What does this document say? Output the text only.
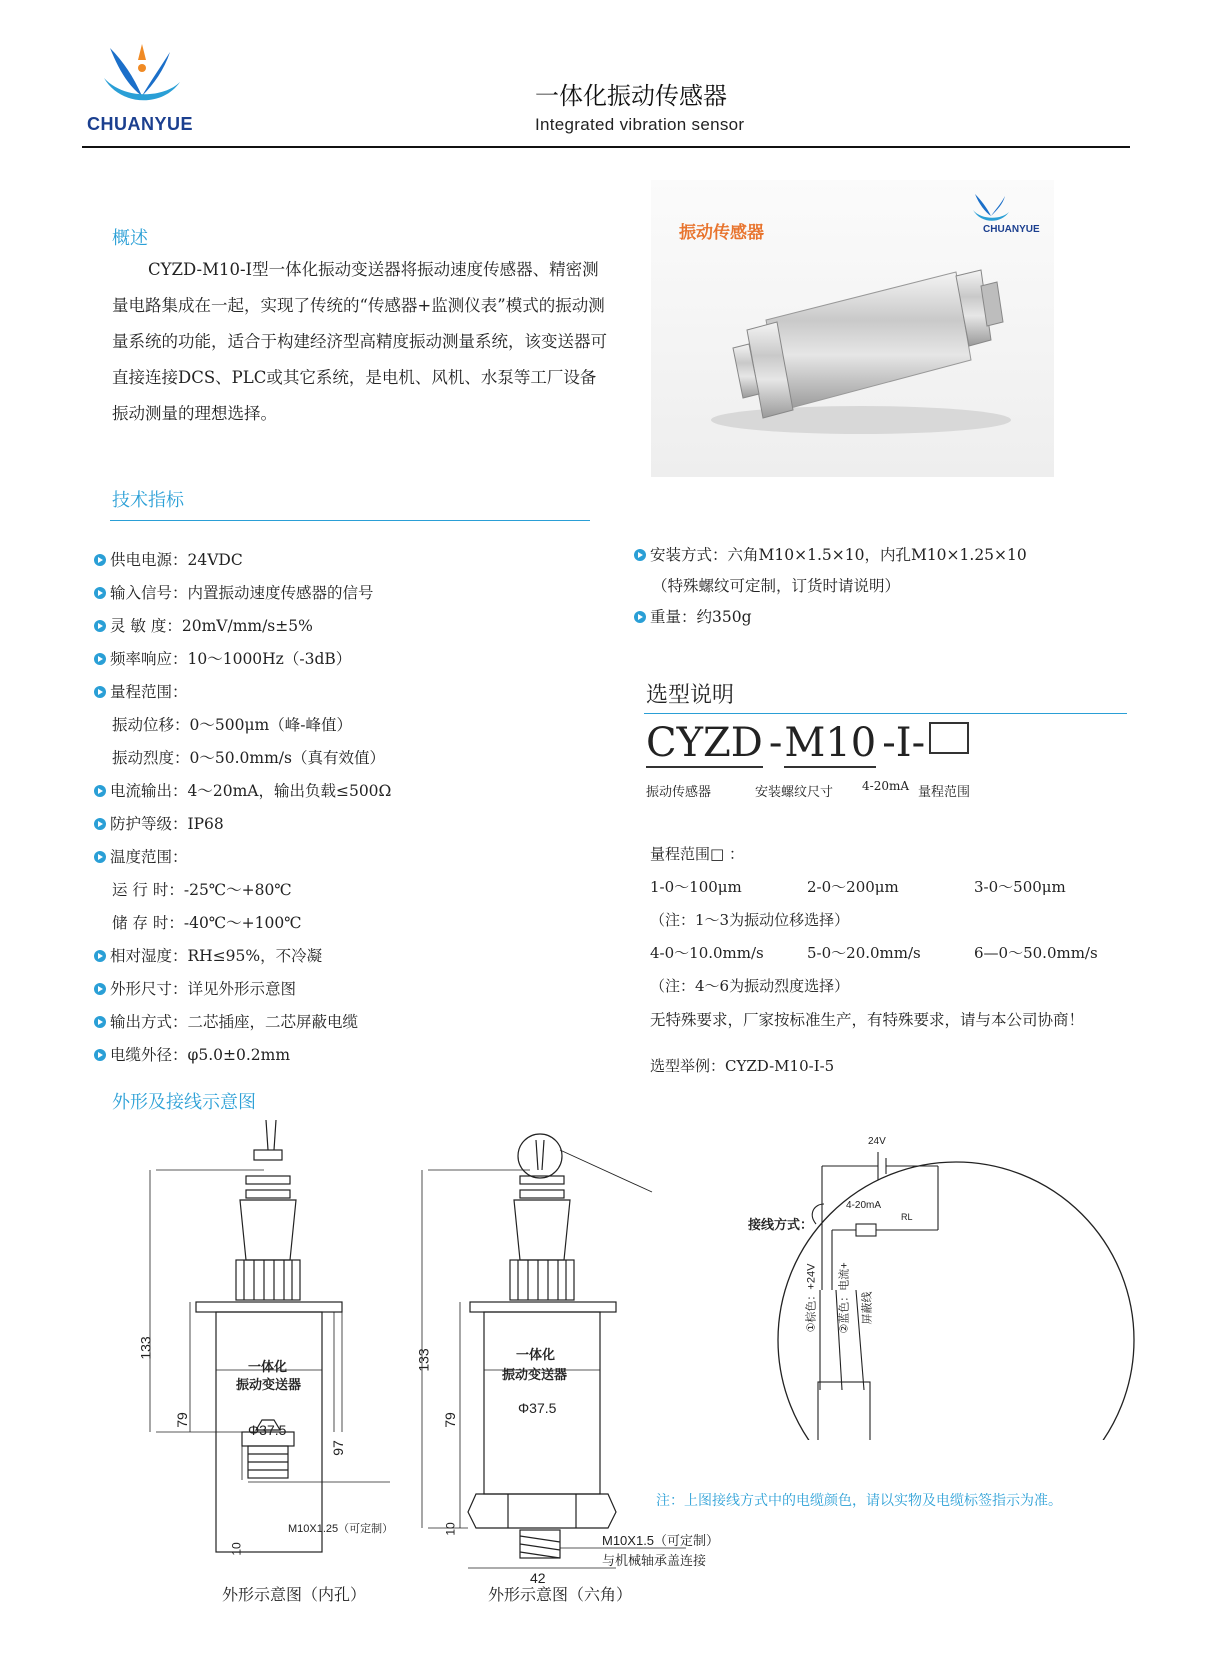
CHUANYUE
一体化振动传感器
Integrated vibration sensor
概述
CYZD-M10-I型一体化振动变送器将振动速度传感器、精密测量电路集成在一起，实现了传统的“传感器+监测仪表”模式的振动测量系统的功能，适合于构建经济型高精度振动测量系统，该变送器可直接连接DCS、PLC或其它系统，是电机、风机、水泵等工厂设备振动测量的理想选择。
振动传感器	CHUANYUE
技术指标
供电电源：24VDC
输入信号：内置振动速度传感器的信号
灵 敏 度：20mV/mm/s±5%
频率响应：10～1000Hz（-3dB）
量程范围：
振动位移：0～500μm（峰-峰值）
振动烈度：0～50.0mm/s（真有效值）
电流输出：4～20mA，输出负载≤500Ω
防护等级：IP68
温度范围：
运 行 时：-25℃～+80℃
储 存 时：-40℃～+100℃
相对湿度：RH≤95%，不冷凝
外形尺寸：详见外形示意图
输出方式：二芯插座，二芯屏蔽电缆
电缆外径：φ5.0±0.2mm
安装方式：六角M10×1.5×10，内孔M10×1.25×10
（特殊螺纹可定制，订货时请说明）
重量：约350g
选型说明
CYZD -M10 -I-
振动传感器	安装螺纹尺寸 4-20mA 量程范围
量程范围□ ：
1-0～100μm	2-0～200μm	3-0～500μm
（注：1～3为振动位移选择）
4-0～10.0mm/s	5-0～20.0mm/s	6—0～50.0mm/s
（注：4～6为振动烈度选择）
无特殊要求，厂家按标准生产，有特殊要求，请与本公司协商！
选型举例：CYZD-M10-I-5
外形及接线示意图
133
79
97
10
一体化
振动变送器
Φ37.5
M10X1.25（可定制）
外形示意图（内孔）
133
79
10
一体化
振动变送器
Φ37.5
M10X1.5（可定制）
与机械轴承盖连接
42
外形示意图（六角）
接线方式：
24V
4-20mA
RL
①棕色：+24V ②蓝色：电流+ 屏蔽线
注：上图接线方式中的电缆颜色，请以实物及电缆标签指示为准。
